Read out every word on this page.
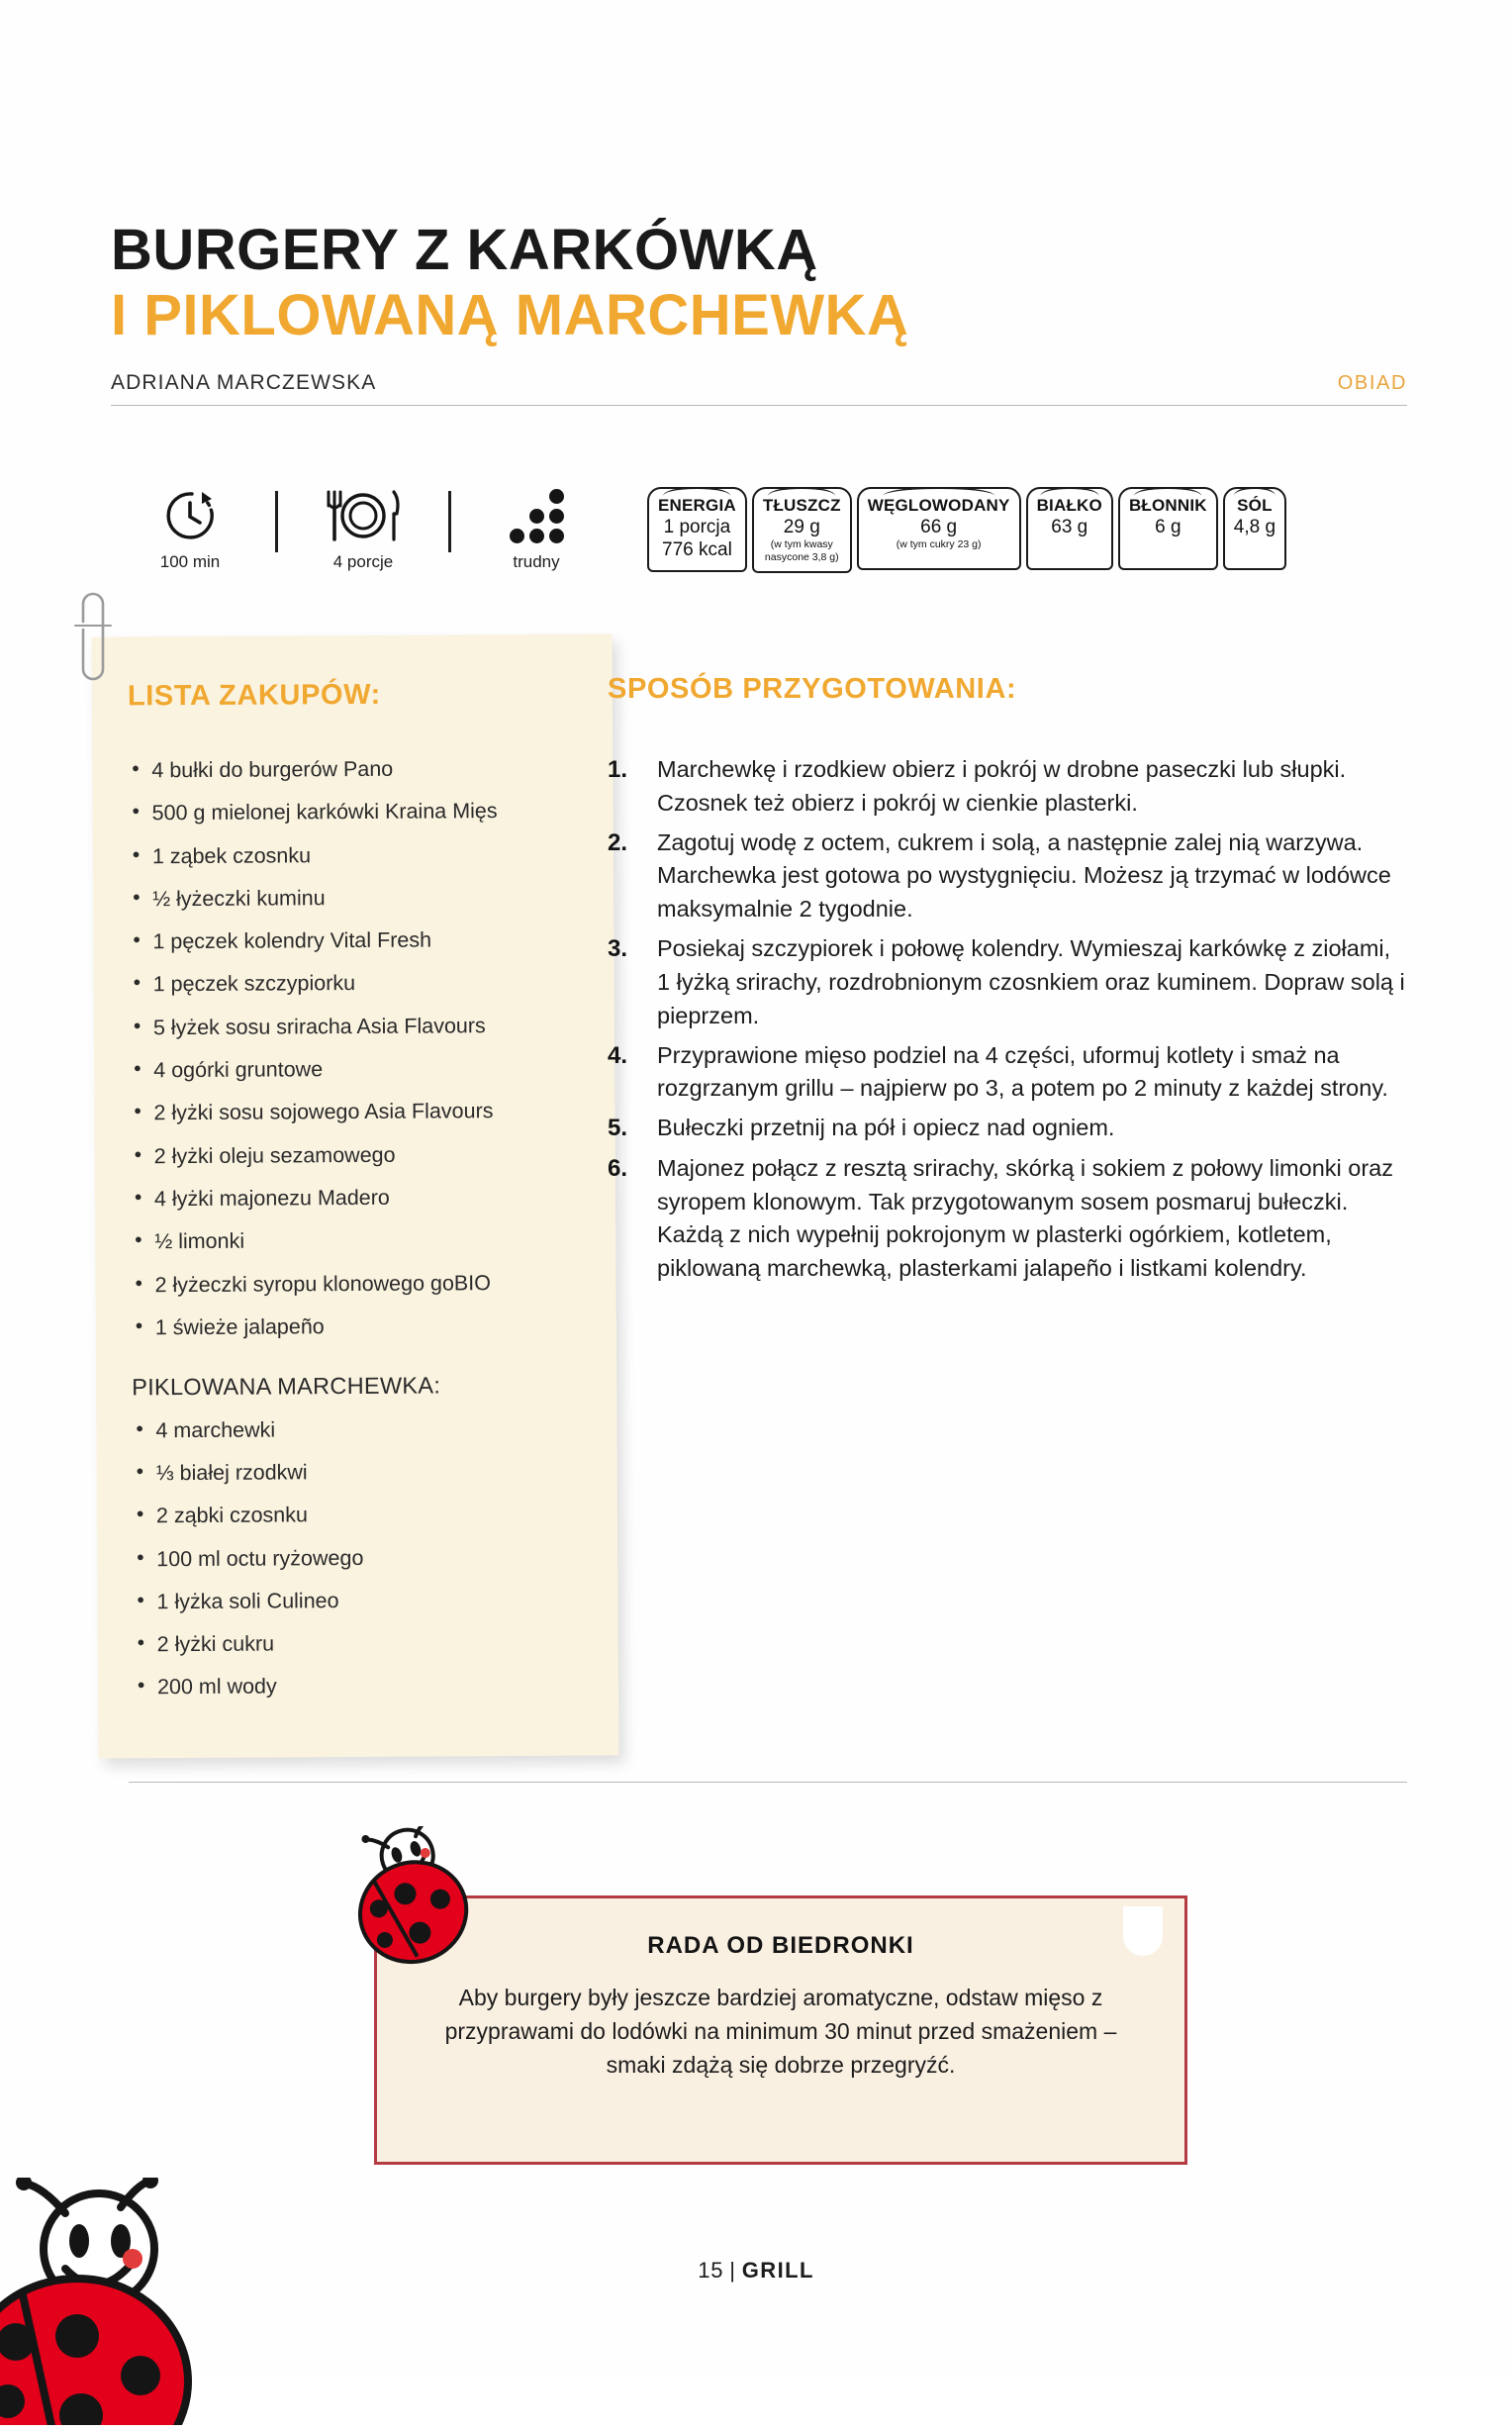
BURGERY Z KARKÓWKĄ
I PIKLOWANĄ MARCHEWKĄ
ADRIANA MARCZEWSKA	OBIAD
100 min	4 porcje	trudny
ENERGIA
1 porcja
776 kcal
TŁUSZCZ
29 g
(w tym kwasy
nasycone 3,8 g)
WĘGLOWODANY
66 g
(w tym cukry 23 g)
BIAŁKO
63 g
BŁONNIK
6 g
SÓL
4,8 g
LISTA ZAKUPÓW:
• 4 bułki do burgerów Pano
• 500 g mielonej karkówki Kraina Mięs
• 1 ząbek czosnku
• ½ łyżeczki kuminu
• 1 pęczek kolendry Vital Fresh
• 1 pęczek szczypiorku
• 5 łyżek sosu sriracha Asia Flavours
• 4 ogórki gruntowe
• 2 łyżki sosu sojowego Asia Flavours
• 2 łyżki oleju sezamowego
• 4 łyżki majonezu Madero
• ½ limonki
• 2 łyżeczki syropu klonowego goBIO
• 1 świeże jalapeño
PIKLOWANA MARCHEWKA:
• 4 marchewki
• ⅓ białej rzodkwi
• 2 ząbki czosnku
• 100 ml octu ryżowego
• 1 łyżka soli Culineo
• 2 łyżki cukru
• 200 ml wody
SPOSÓB PRZYGOTOWANIA:
1.	Marchewkę i rzodkiew obierz i pokrój w drobne paseczki lub słupki. Czosnek też obierz i pokrój w cienkie plasterki.
2.	Zagotuj wodę z octem, cukrem i solą, a następnie zalej nią warzywa. Marchewka jest gotowa po wystygnięciu. Możesz ją trzymać w lodówce maksymalnie 2 tygodnie.
3.	Posiekaj szczypiorek i połowę kolendry. Wymieszaj karkówkę z ziołami, 1 łyżką srirachy, rozdrobnionym czosnkiem oraz kuminem. Dopraw solą i pieprzem.
4.	Przyprawione mięso podziel na 4 części, uformuj kotlety i smaż na rozgrzanym grillu – najpierw po 3, a potem po 2 minuty z każdej strony.
5.	Bułeczki przetnij na pół i opiecz nad ogniem.
6.	Majonez połącz z resztą srirachy, skórką i sokiem z połowy limonki oraz syropem klonowym. Tak przygotowanym sosem posmaruj bułeczki. Każdą z nich wypełnij pokrojonym w plasterki ogórkiem, kotletem, piklowaną marchewką, plasterkami jalapeño i listkami kolendry.
RADA OD BIEDRONKI
Aby burgery były jeszcze bardziej aromatyczne, odstaw mięso z przyprawami do lodówki na minimum 30 minut przed smażeniem – smaki zdążą się dobrze przegryźć.
15 | GRILL
